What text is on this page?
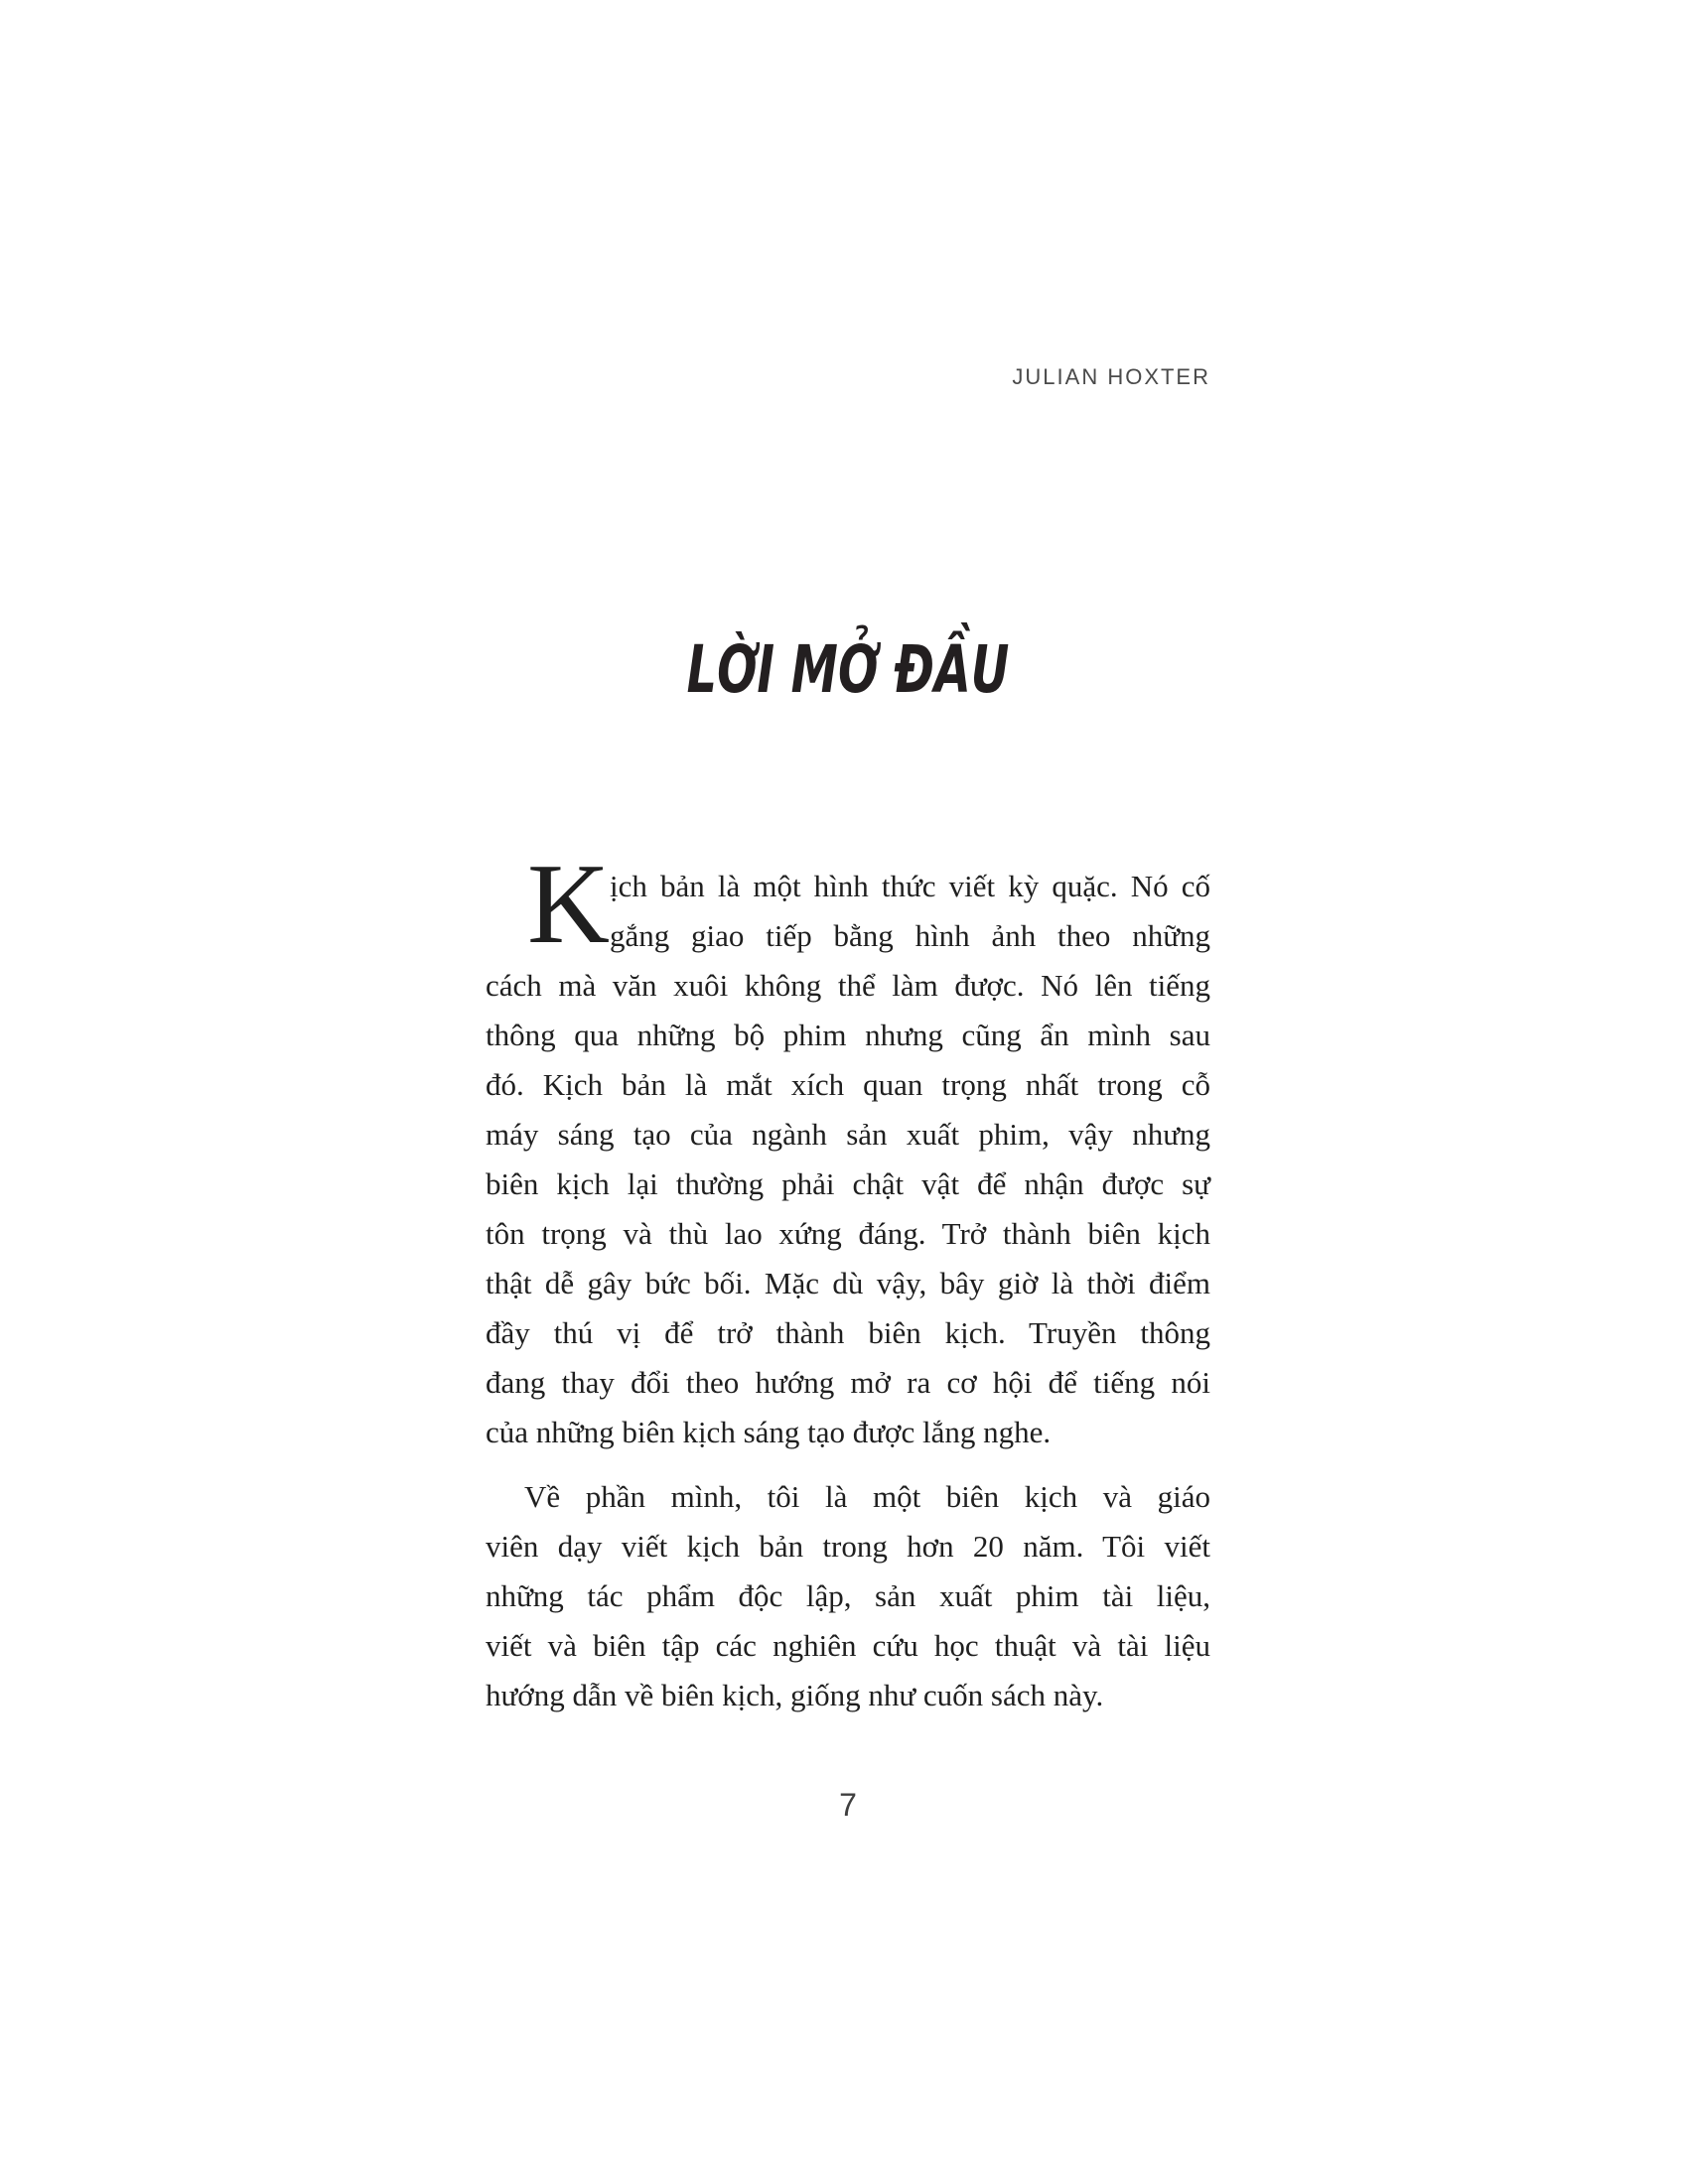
JULIAN HOXTER
LỜI MỞ ĐẦU
K ịch bản là một hình thức viết kỳ quặc. Nó cố
gắng giao tiếp bằng hình ảnh theo những
cách mà văn xuôi không thể làm được. Nó lên tiếng
thông qua những bộ phim nhưng cũng ẩn mình sau
đó. Kịch bản là mắt xích quan trọng nhất trong cỗ
máy sáng tạo của ngành sản xuất phim, vậy nhưng
biên kịch lại thường phải chật vật để nhận được sự
tôn trọng và thù lao xứng đáng. Trở thành biên kịch
thật dễ gây bức bối. Mặc dù vậy, bây giờ là thời điểm
đầy thú vị để trở thành biên kịch. Truyền thông
đang thay đổi theo hướng mở ra cơ hội để tiếng nói
của những biên kịch sáng tạo được lắng nghe.
Về phần mình, tôi là một biên kịch và giáo
viên dạy viết kịch bản trong hơn 20 năm. Tôi viết
những tác phẩm độc lập, sản xuất phim tài liệu,
viết và biên tập các nghiên cứu học thuật và tài liệu
hướng dẫn về biên kịch, giống như cuốn sách này.
7
